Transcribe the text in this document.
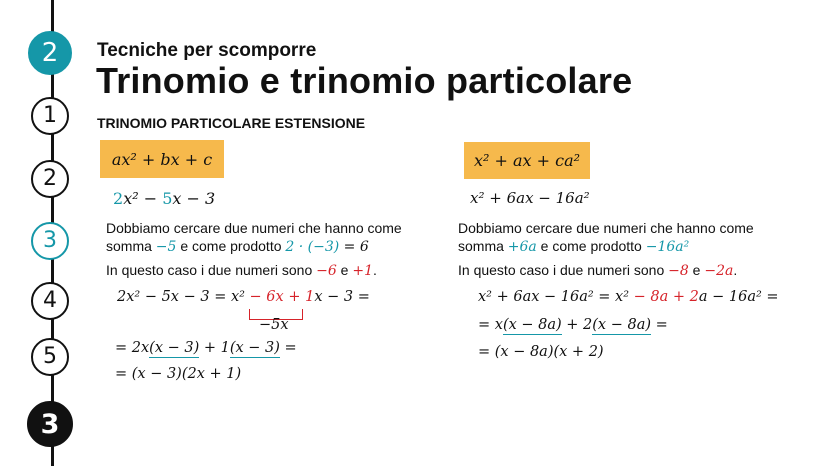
2
1
2
3
4
5
3
Tecniche per scomporre
Trinomio e trinomio particolare
TRINOMIO PARTICOLARE ESTENSIONE
ax² + bx + c
2x² − 5x − 3
Dobbiamo cercare due numeri che hanno come
somma −5 e come prodotto 2 · (−3) = 6
In questo caso i due numeri sono −6 e +1.
2x² − 5x − 3 = x² − 6x + 1x − 3 =
−5x
= 2x(x − 3) + 1(x − 3) =
= (x − 3)(2x + 1)
x² + ax + ca²
x² + 6ax − 16a²
Dobbiamo cercare due numeri che hanno come
somma +6a e come prodotto −16a²
In questo caso i due numeri sono −8 e −2a.
x² + 6ax − 16a² = x² − 8a + 2a − 16a² =
= x(x − 8a) + 2(x − 8a) =
= (x − 8a)(x + 2)
